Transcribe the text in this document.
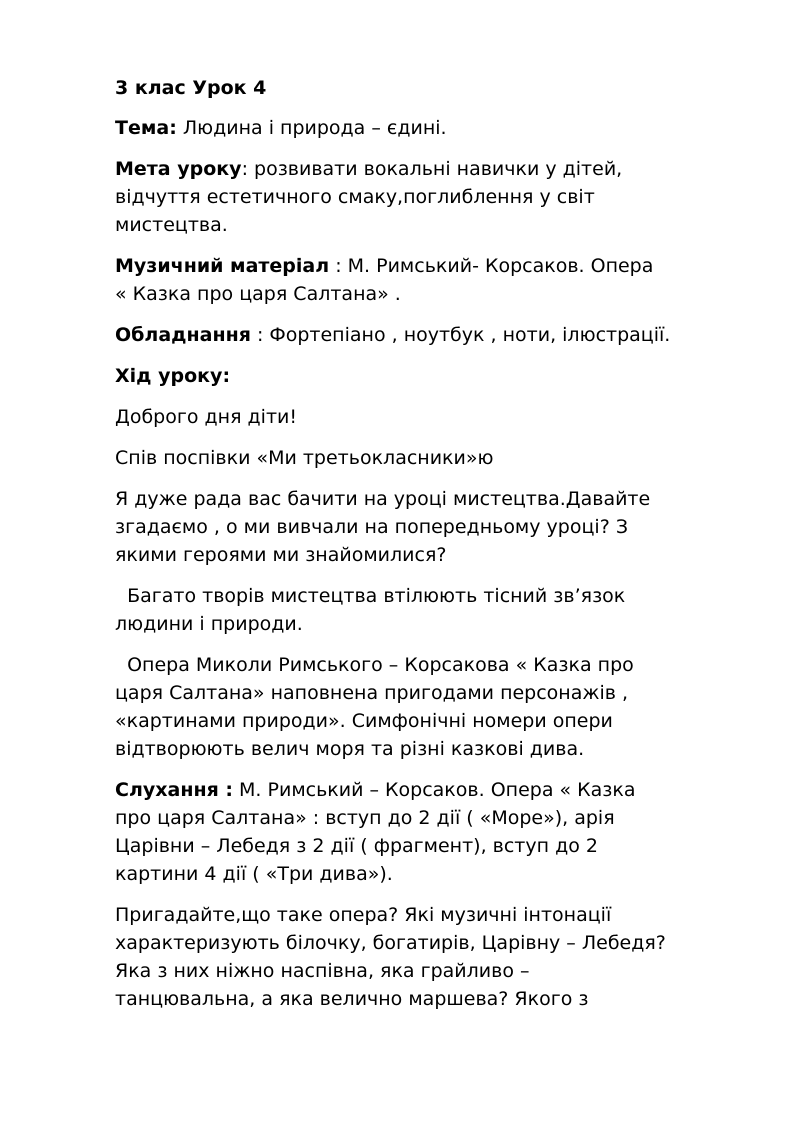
3 клас Урок 4

Тема: Людина і природа – єдині.

Мета уроку: розвивати вокальні навички у дітей,
відчуття естетичного смаку,поглиблення у світ
мистецтва.

Музичний матеріал : М. Римський- Корсаков. Опера
« Казка про царя Салтана» .

Обладнання : Фортепіано , ноутбук , ноти, ілюстрації.

Хід уроку:

Доброго дня діти!

Спів поспівки «Ми третьокласники»ю

Я дуже рада вас бачити на уроці мистецтва.Давайте
згадаємо , о ми вивчали на попередньому уроці? З
якими героями ми знайомилися?

Багато творів мистецтва втілюють тісний зв’язок
людини і природи.

Опера Миколи Римського – Корсакова « Казка про
царя Салтана» наповнена пригодами персонажів ,
«картинами природи». Симфонічні номери опери
відтворюють велич моря та різні казкові дива.

Слухання : М. Римський – Корсаков. Опера « Казка
про царя Салтана» : вступ до 2 дії ( «Море»), арія
Царівни – Лебедя з 2 дії ( фрагмент), вступ до 2
картини 4 дії ( «Три дива»).

Пригадайте,що таке опера? Які музичні інтонації
характеризують білочку, богатирів, Царівну – Лебедя?
Яка з них ніжно наспівна, яка грайливо –
танцювальна, а яка велично маршева? Якого з
